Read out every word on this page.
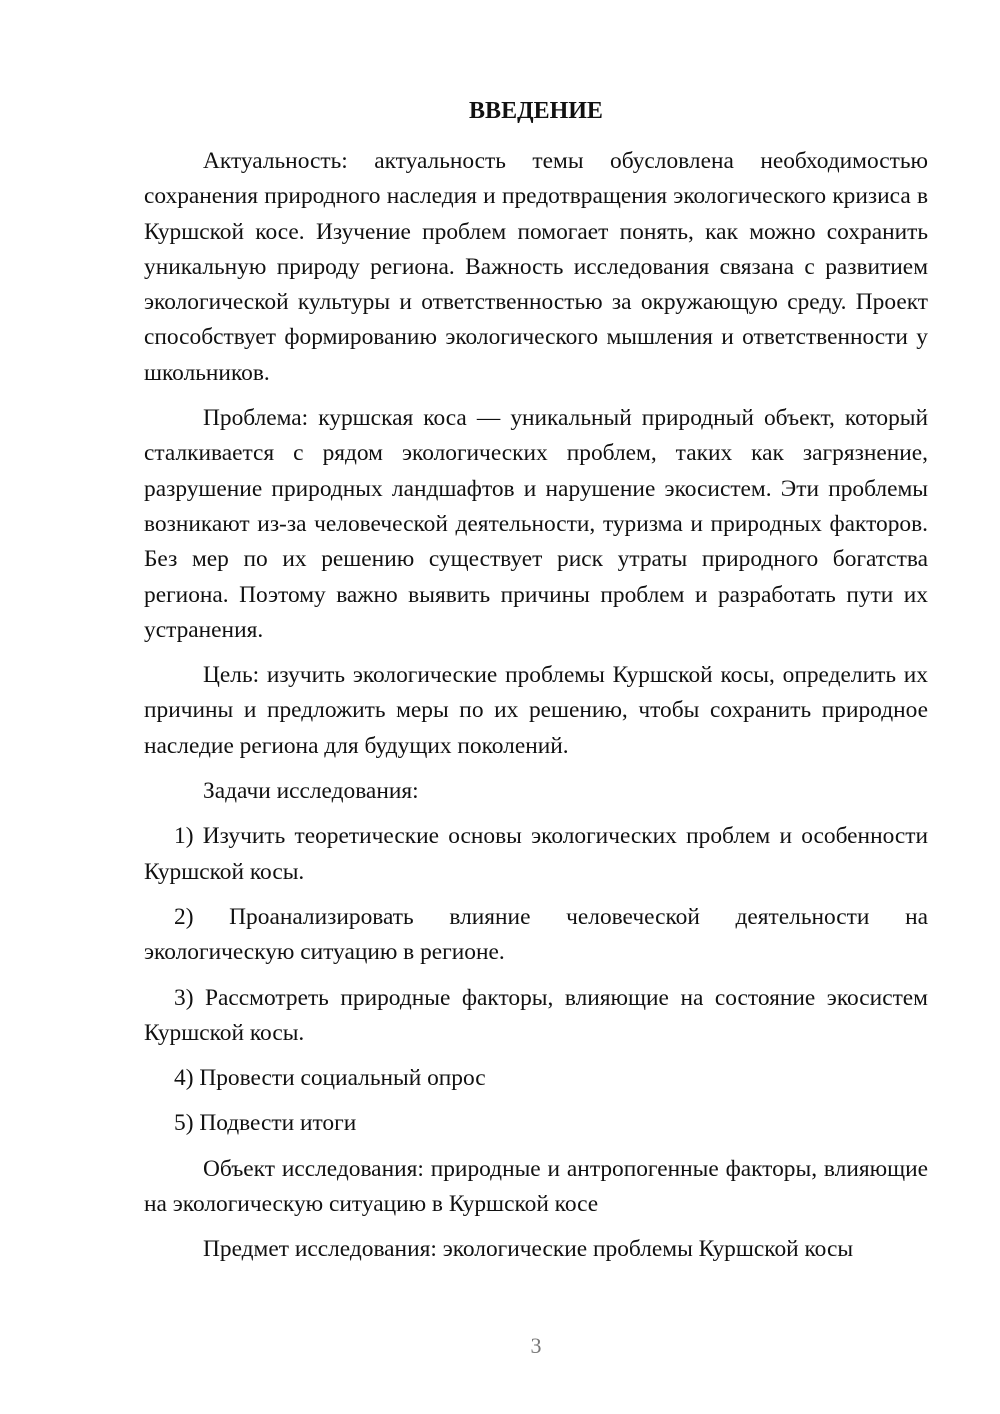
ВВЕДЕНИЕ

Актуальность: актуальность темы обусловлена необходимостью сохранения природного наследия и предотвращения экологического кризиса в Куршской косе. Изучение проблем помогает понять, как можно сохранить уникальную природу региона. Важность исследования связана с развитием экологической культуры и ответственностью за окружающую среду. Проект способствует формированию экологического мышления и ответственности у школьников.

Проблема: куршская коса — уникальный природный объект, который сталкивается с рядом экологических проблем, таких как загрязнение, разрушение природных ландшафтов и нарушение экосистем. Эти проблемы возникают из-за человеческой деятельности, туризма и природных факторов. Без мер по их решению существует риск утраты природного богатства региона. Поэтому важно выявить причины проблем и разработать пути их устранения.

Цель: изучить экологические проблемы Куршской косы, определить их причины и предложить меры по их решению, чтобы сохранить природное наследие региона для будущих поколений.

Задачи исследования:

1) Изучить теоретические основы экологических проблем и особенности Куршской косы.

2) Проанализировать влияние человеческой деятельности на экологическую ситуацию в регионе.

3) Рассмотреть природные факторы, влияющие на состояние экосистем Куршской косы.

4) Провести социальный опрос

5) Подвести итоги

Объект исследования: природные и антропогенные факторы, влияющие на экологическую ситуацию в Куршской косе

Предмет исследования: экологические проблемы Куршской косы

3
